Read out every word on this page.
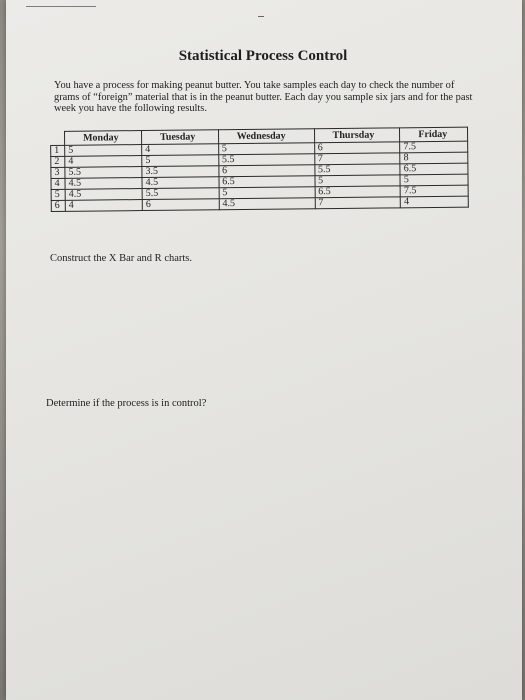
Statistical Process Control
You have a process for making peanut butter. You take samples each day to check the number of grams of “foreign” material that is in the peanut butter. Each day you sample six jars and for the past week you have the following results.
	Monday	Tuesday	Wednesday	Thursday	Friday
1	5	4	5	6	7.5
2	4	5	5.5	7	8
3	5.5	3.5	6	5.5	6.5
4	4.5	4.5	6.5	5	5
5	4.5	5.5	5	6.5	7.5
6	4	6	4.5	7	4
Construct the X Bar and R charts.
Determine if the process is in control?
